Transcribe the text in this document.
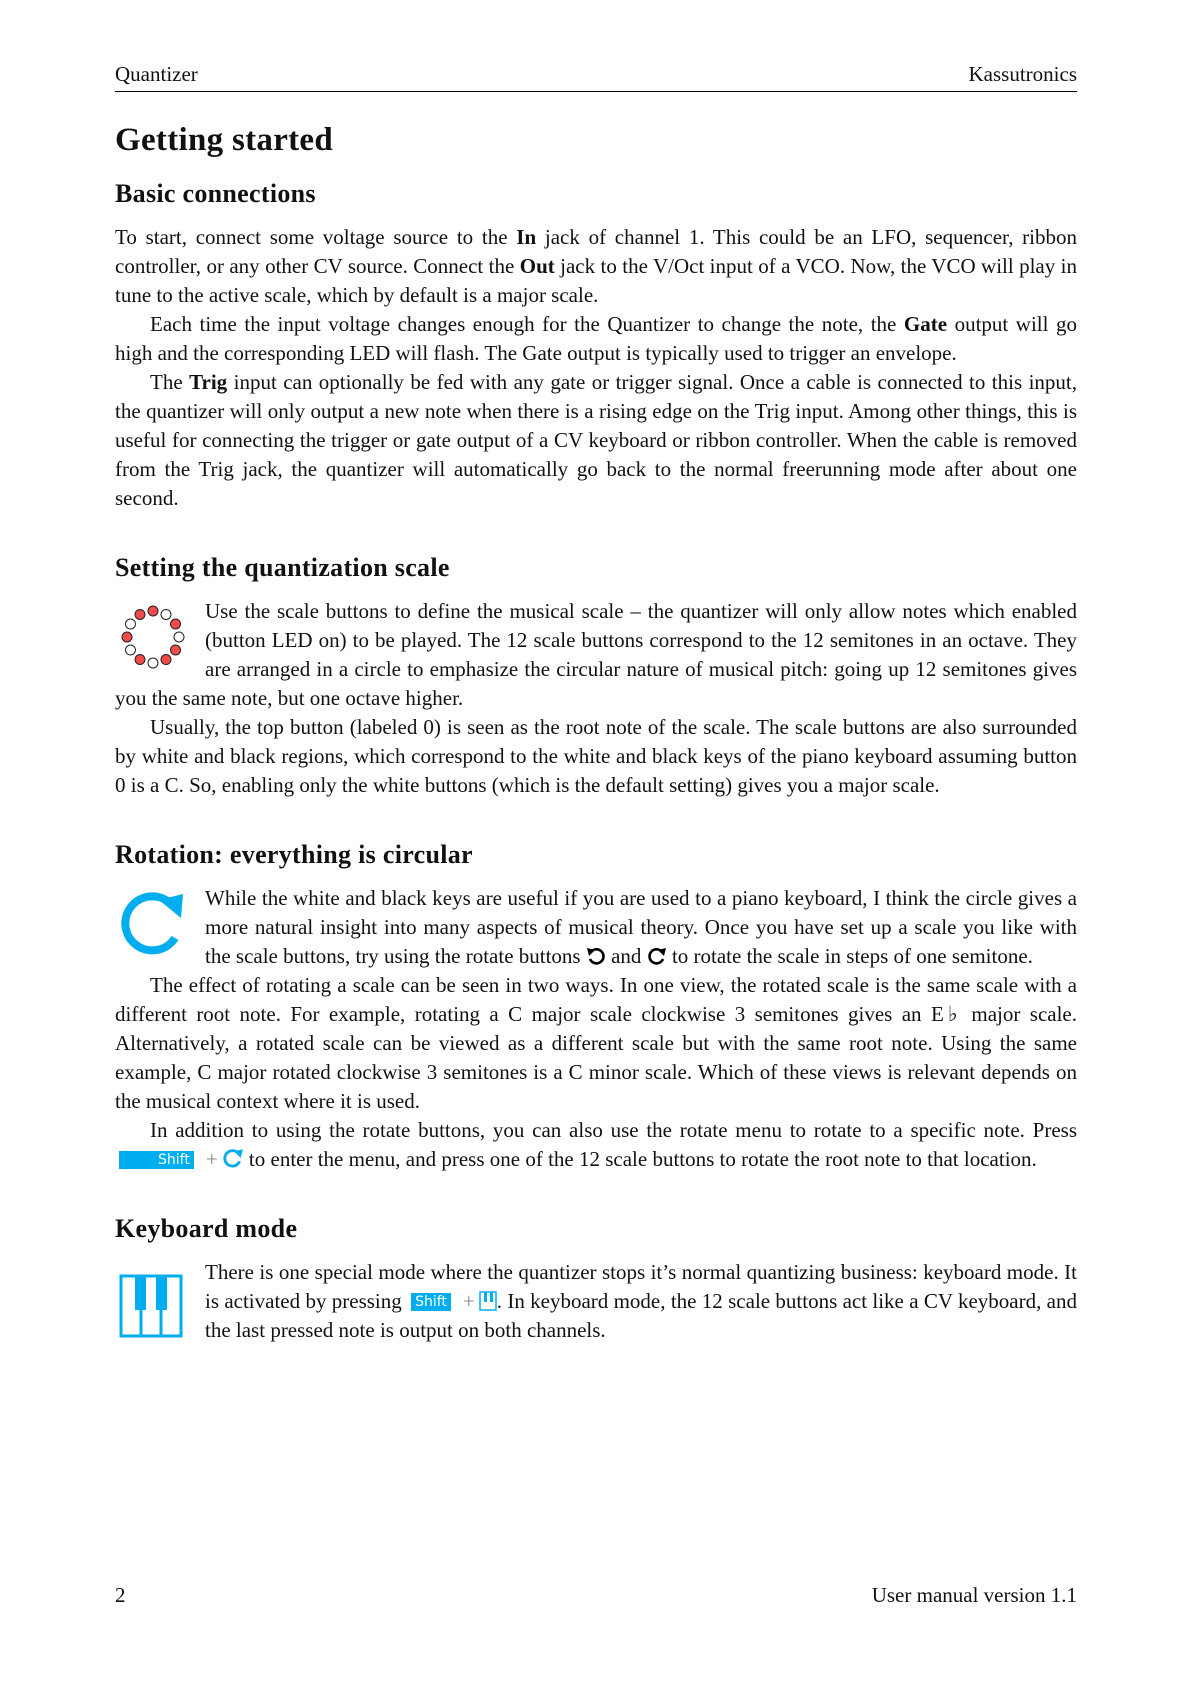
Quantizer	Kassutronics
Getting started
Basic connections

To start, connect some voltage source to the In jack of channel 1. This could be an LFO, sequencer, ribbon controller, or any other CV source. Connect the Out jack to the V/Oct input of a VCO. Now, the VCO will play in tune to the active scale, which by default is a major scale.

Each time the input voltage changes enough for the Quantizer to change the note, the Gate output will go high and the corresponding LED will flash. The Gate output is typically used to trigger an envelope.

The Trig input can optionally be fed with any gate or trigger signal. Once a cable is connected to this input, the quantizer will only output a new note when there is a rising edge on the Trig input. Among other things, this is useful for connecting the trigger or gate output of a CV keyboard or ribbon controller. When the cable is removed from the Trig jack, the quantizer will automatically go back to the normal freerunning mode after about one second.

Setting the quantization scale

Use the scale buttons to define the musical scale – the quantizer will only allow notes which enabled (button LED on) to be played. The 12 scale buttons correspond to the 12 semitones in an octave. They are arranged in a circle to emphasize the circular nature of musical pitch: going up 12 semitones gives you the same note, but one octave higher.

Usually, the top button (labeled 0) is seen as the root note of the scale. The scale buttons are also surrounded by white and black regions, which correspond to the white and black keys of the piano keyboard assuming button 0 is a C. So, enabling only the white buttons (which is the default setting) gives you a major scale.

Rotation: everything is circular

While the white and black keys are useful if you are used to a piano keyboard, I think the circle gives a more natural insight into many aspects of musical theory. Once you have set up a scale you like with the scale buttons, try using the rotate buttons  and  to rotate the scale in steps of one semitone.

The effect of rotating a scale can be seen in two ways. In one view, the rotated scale is the same scale with a different root note. For example, rotating a C major scale clockwise 3 semitones gives an E♭ major scale. Alternatively, a rotated scale can be viewed as a different scale but with the same root note. Using the same example, C major rotated clockwise 3 semitones is a C minor scale. Which of these views is relevant depends on the musical context where it is used.

In addition to using the rotate buttons, you can also use the rotate menu to rotate to a specific note. Press Shift + to enter the menu, and press one of the 12 scale buttons to rotate the root note to that location.

Keyboard mode

There is one special mode where the quantizer stops it’s normal quantizing business: keyboard mode. It is activated by pressing Shift + . In keyboard mode, the 12 scale buttons act like a CV keyboard, and the last pressed note is output on both channels.

2	User manual version 1.1
